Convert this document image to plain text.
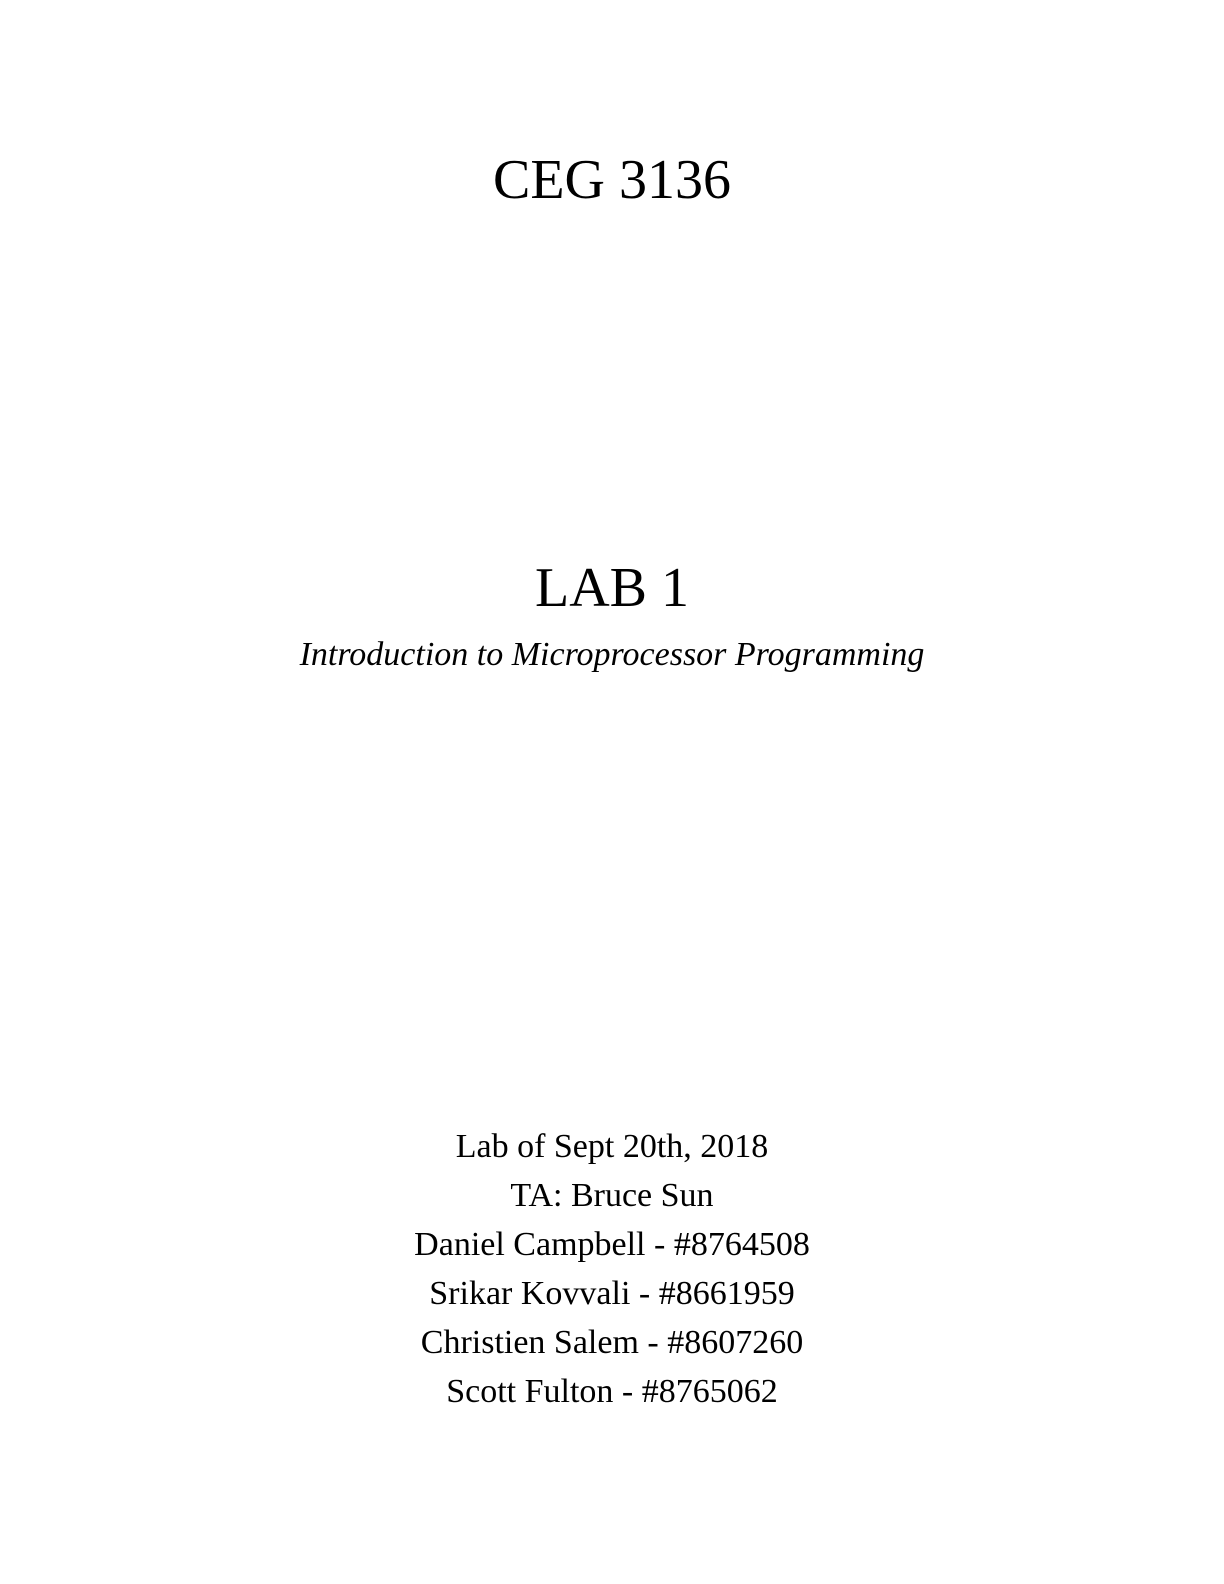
CEG 3136
LAB 1

Introduction to Microprocessor Programming

Lab of Sept 20th, 2018
TA: Bruce Sun
Daniel Campbell - #8764508
Srikar Kovvali - #8661959
Christien Salem - #8607260
Scott Fulton - #8765062
